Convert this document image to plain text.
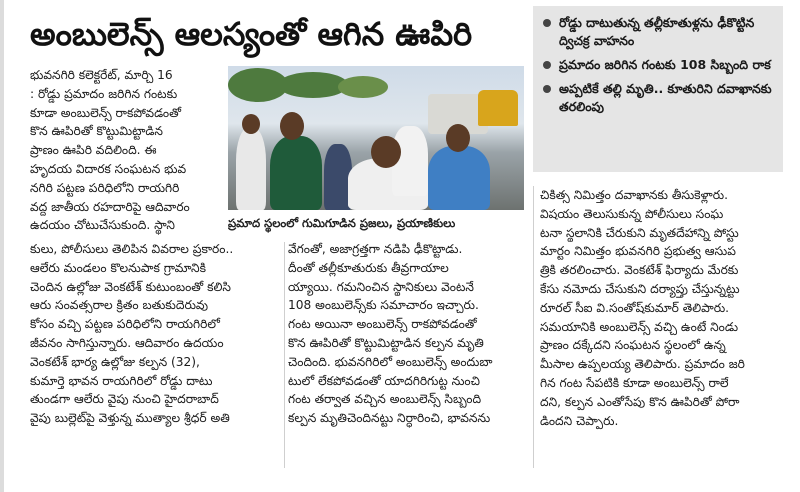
అంబులెన్స్ ఆలస్యంతో ఆగిన ఊపిరి	రోడ్డు దాటుతున్న తల్లీకూతుళ్లను ఢీకొట్టిన ద్విచక్ర వాహనం
ప్రమాదం జరిగిన గంటకు 108 సిబ్బంది రాక
అప్పటికే తల్లి మృతి.. కూతురిని దవాఖానకు తరలింపు
భువనగిరి కలెక్టరేట్, మార్చి 16
: రోడ్డు ప్రమాదం జరిగిన గంటకు
కూడా అంబులెన్స్ రాకపోవడంతో
కొన ఊపిరితో కొట్టుమిట్టాడిన
ప్రాణం ఊపిరి వదిలింది. ఈ
హృదయ విదారక సంఘటన భువ
నగిరి పట్టణ పరిధిలోని రాయగిరి
వద్ద జాతీయ రహదారిపై ఆదివారం
ఉదయం చోటుచేసుకుంది. స్థాని	ప్రమాద స్థలంలో గుమిగూడిన ప్రజలు, ప్రయాణికులు
కులు, పోలీసులు తెలిపిన వివరాల ప్రకారం..
ఆలేరు మండలం కొలనుపాక గ్రామానికి
చెందిన ఉల్లోజు వెంకటేశ్ కుటుంబంతో కలిసి
ఆరు సంవత్సరాల క్రితం బతుకుదెరువు
కోసం వచ్చి పట్టణ పరిధిలోని రాయగిరిలో
జీవనం సాగిస్తున్నారు. ఆదివారం ఉదయం
వెంకటేశ్ భార్య ఉల్లోజు కల్పన (32),
కుమార్తె భావన రాయగిరిలో రోడ్డు దాటు
తుండగా ఆలేరు వైపు నుంచి హైదరాబాద్
వైపు బుల్లెట్‌పై వెళ్తున్న ముత్యాల శ్రీధర్ అతి
వేగంతో, అజాగ్రత్తగా నడిపి ఢీకొట్టాడు.
దీంతో తల్లీకూతురుకు తీవ్రగాయాల
య్యాయి. గమనించిన స్థానికులు వెంటనే
108 అంబులెన్స్‌కు సమాచారం ఇచ్చారు.
గంట అయినా అంబులెన్స్ రాకపోవడంతో
కొన ఊపిరితో కొట్టుమిట్టాడిన కల్పన మృతి
చెందింది. భువనగిరిలో అంబులెన్స్ అందుబా
టులో లేకపోవడంతో యాదగిరిగుట్ట నుంచి
గంట తర్వాత వచ్చిన అంబులెన్స్ సిబ్బంది
కల్పన మృతిచెందినట్టు నిర్ధారించి, భావనను
చికిత్స నిమిత్తం దవాఖానకు తీసుకెళ్లారు.
విషయం తెలుసుకున్న పోలీసులు సంఘ
టనా స్థలానికి చేరుకుని మృతదేహాన్ని పోస్టు
మార్టం నిమిత్తం భువనగిరి ప్రభుత్వ ఆసుప
త్రికి తరలించారు. వెంకటేశ్ ఫిర్యాదు మేరకు
కేసు నమోదు చేసుకుని దర్యాప్తు చేస్తున్నట్టు
రూరల్ సీఐ వి.సంతోష్‌కుమార్ తెలిపారు.
సమయానికి అంబులెన్స్ వచ్చి ఉంటే నిండు
ప్రాణం దక్కేదని సంఘటన స్థలంలో ఉన్న
మీసాల ఉప్పలయ్య తెలిపారు. ప్రమాదం జరి
గిన గంట సేపటికి కూడా అంబులెన్స్ రాలే
దని, కల్పన ఎంతోసేపు కొన ఊపిరితో పోరా
డిందని చెప్పారు.
